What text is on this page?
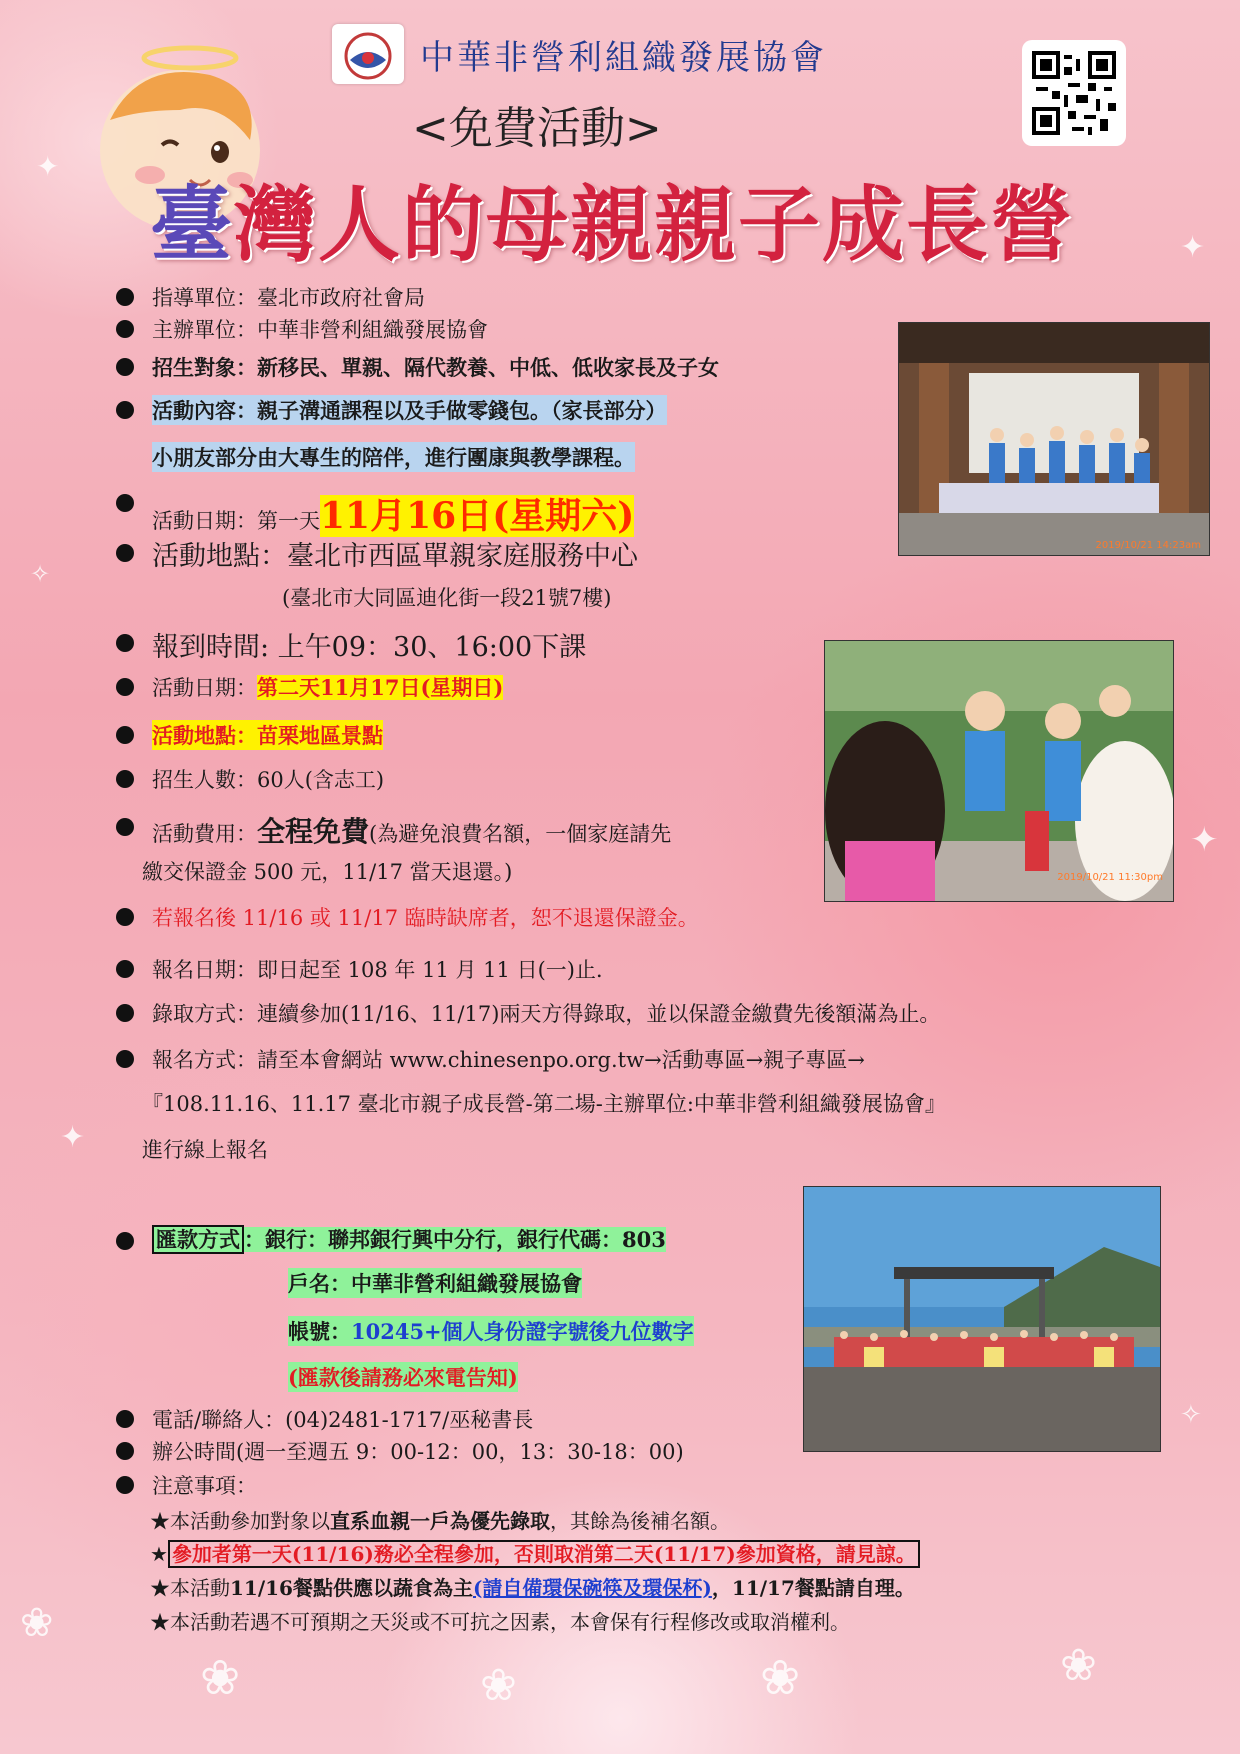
✦
✦
✦
✧
✦
✧
❀
❀	❀	❀	❀
中華非營利組織發展協會
<免費活動>
臺灣人的母親親子成長營
指導單位：臺北市政府社會局
主辦單位：中華非營利組織發展協會
招生對象：新移民、單親、隔代教養、中低、低收家長及子女
活動內容：親子溝通課程以及手做零錢包。（家長部分）
小朋友部分由大專生的陪伴，進行團康與教學課程。
活動日期：第一天11月16日(星期六)
活動地點：臺北市西區單親家庭服務中心
(臺北市大同區迪化街一段21號7樓)
報到時間: 上午09：30、16:00下課
活動日期：第二天11月17日(星期日)
活動地點：苗栗地區景點
招生人數：60人(含志工)
活動費用：全程免費(為避免浪費名額，一個家庭請先
繳交保證金 500 元，11/17 當天退還。)
若報名後 11/16 或 11/17 臨時缺席者，恕不退還保證金。
報名日期：即日起至 108 年 11 月 11 日(一)止．
錄取方式：連續參加(11/16、11/17)兩天方得錄取，並以保證金繳費先後額滿為止。
報名方式：請至本會網站 www.chinesenpo.org.tw→活動專區→親子專區→
『108.11.16、11.17 臺北市親子成長營-第二場-主辦單位:中華非營利組織發展協會』
進行線上報名
匯款方式 ：銀行：聯邦銀行興中分行，銀行代碼：803
戶名：中華非營利組織發展協會
帳號：10245+個人身份證字號後九位數字
(匯款後請務必來電告知)
電話/聯絡人：(04)2481-1717/巫秘書長
辦公時間(週一至週五 9：00-12：00，13：30-18：00)
注意事項：
★本活動參加對象以直系血親一戶為優先錄取，其餘為後補名額。
★ 參加者第一天(11/16)務必全程參加，否則取消第二天(11/17)參加資格，請見諒。
★本活動11/16餐點供應以蔬食為主(請自備環保碗筷及環保杯)，11/17餐點請自理。
★本活動若遇不可預期之天災或不可抗之因素，本會保有行程修改或取消權利。
2019/10/21 14:23am
2019/10/21 11:30pm
